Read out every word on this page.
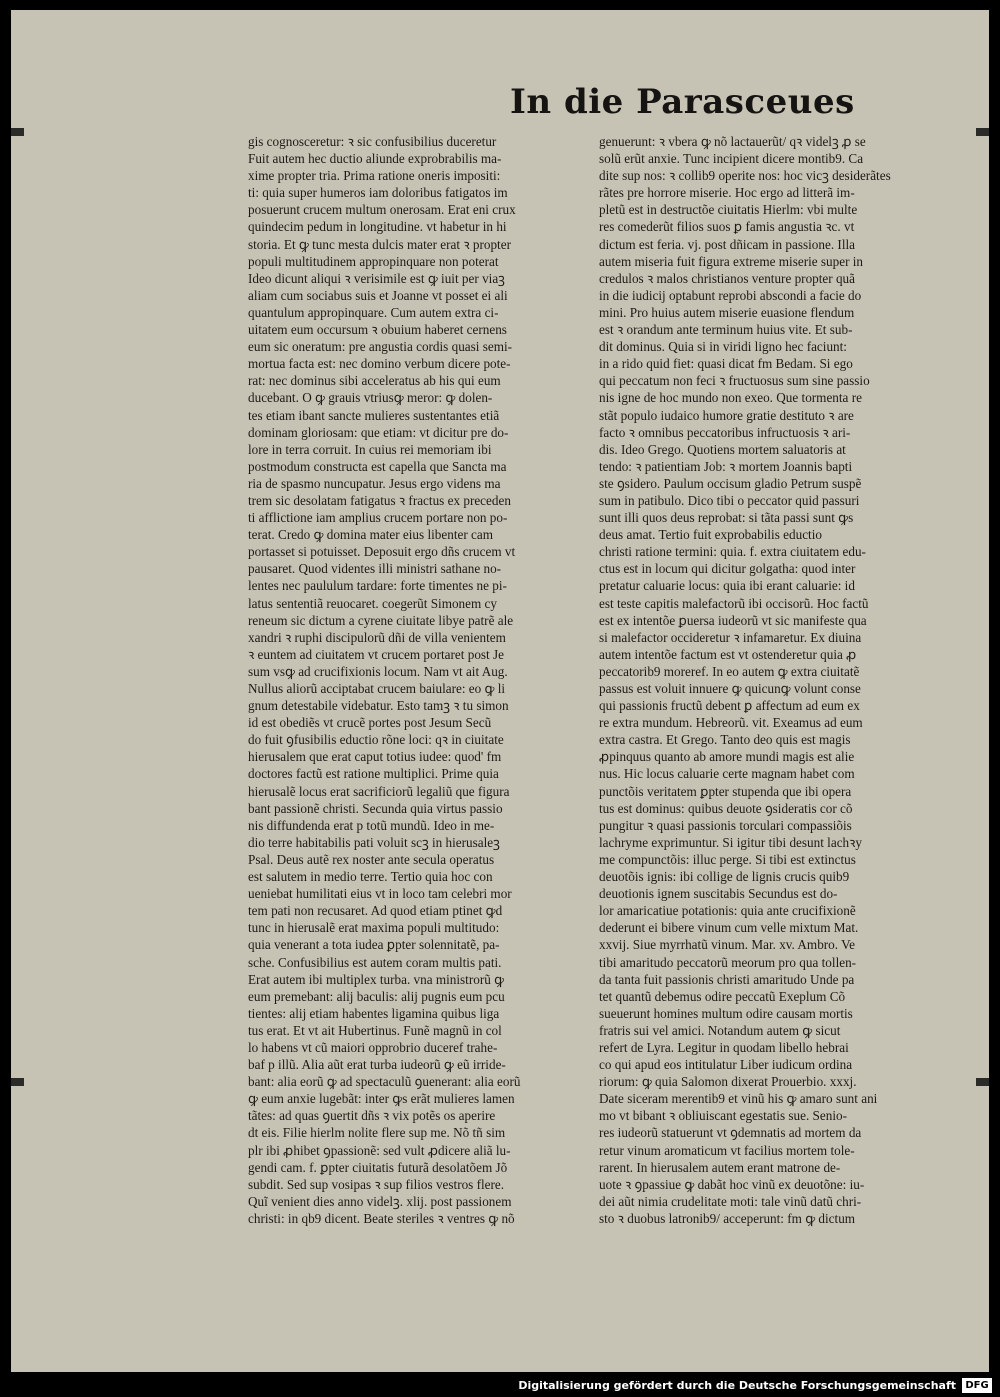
In die Parasceues
gis cognosceretur: ꝛ sic confusibilius duceretur
Fuit autem hec ductio aliunde exprobrabilis ma-
xime propter tria. Prima ratione oneris impositi:
ti: quia super humeros iam doloribus fatigatos im
posuerunt crucem multum onerosam. Erat eni crux
quindecim pedum in longitudine. vt habetur in hi
storia. Et ꝙ tunc mesta dulcis mater erat ꝛ propter
populi multitudinem appropinquare non poterat
Ideo dicunt aliqui ꝛ verisimile est ꝙ iuit per viaꝫ
aliam cum sociabus suis et Joanne vt posset ei ali
quantulum appropinquare. Cum autem extra ci-
uitatem eum occursum ꝛ obuium haberet cernens
eum sic oneratum: pre angustia cordis quasi semi-
mortua facta est: nec domino verbum dicere pote-
rat: nec dominus sibi acceleratus ab his qui eum
ducebant. O ꝙ grauis vtriusꝙ meror: ꝙ dolen-
tes etiam ibant sancte mulieres sustentantes etiã
dominam gloriosam: que etiam: vt dicitur pre do-
lore in terra corruit. In cuius rei memoriam ibi
postmodum constructa est capella que Sancta ma
ria de spasmo nuncupatur. Jesus ergo videns ma
trem sic desolatam fatigatus ꝛ fractus ex preceden
ti afflictione iam amplius crucem portare non po-
terat. Credo ꝙ domina mater eius libenter cam
portasset si potuisset. Deposuit ergo dñs crucem vt
pausaret. Quod videntes illi ministri sathane no-
lentes nec paululum tardare: forte timentes ne pi-
latus sententiã reuocaret. coegerũt Simonem cy
reneum sic dictum a cyrene ciuitate libye patrẽ ale
xandri ꝛ ruphi discipulorũ dñi de villa venientem
ꝛ euntem ad ciuitatem vt crucem portaret post Je
sum vsꝙ ad crucifixionis locum. Nam vt ait Aug.
Nullus aliorũ acciptabat crucem baiulare: eo ꝙ li
gnum detestabile videbatur. Esto tamꝫ ꝛ tu simon
id est obediẽs vt crucẽ portes post Jesum Secũ
do fuit ꝯfusibilis eductio rõne loci: qꝛ in ciuitate
hierusalem que erat caput totius iudee: quod' fm
doctores factũ est ratione multiplici. Prime quia
hierusalẽ locus erat sacrificiorũ legaliũ que figura
bant passionẽ christi. Secunda quia virtus passio
nis diffundenda erat p totũ mundũ. Ideo in me-
dio terre habitabilis pati voluit scꝫ in hierusaleꝫ
Psal. Deus autẽ rex noster ante secula operatus
est salutem in medio terre. Tertio quia hoc con
ueniebat humilitati eius vt in loco tam celebri mor
tem pati non recusaret. Ad quod etiam ptinet ꝙd
tunc in hierusalẽ erat maxima populi multitudo:
quia venerant a tota iudea ꝑpter solennitatẽ, pa-
sche. Confusibilius est autem coram multis pati.
Erat autem ibi multiplex turba. vna ministrorũ ꝙ
eum premebant: alij baculis: alij pugnis eum pcu
tientes: alij etiam habentes ligamina quibus liga
tus erat. Et vt ait Hubertinus. Funẽ magnũ in col
lo habens vt cũ maiori opprobrio duceref trahe-
baf p illũ. Alia aũt erat turba iudeorũ ꝙ eũ irride-
bant: alia eorũ ꝙ ad spectaculũ ꝯuenerant: alia eorũ
ꝙ eum anxie lugebãt: inter ꝙs erãt mulieres lamen
tãtes: ad quas ꝯuertit dñs ꝛ vix potẽs os aperire
dt eis. Filie hierlm nolite flere sup me. Nõ tñ sim
plr ibi ꝓhibet ꝯpassionẽ: sed vult ꝓdicere aliã lu-
gendi cam. f. ꝑpter ciuitatis futurã desolatõem Jõ
subdit. Sed sup vosipas ꝛ sup filios vestros flere.
Quĩ venient dies anno videlꝫ. xlij. post passionem
christi: in qb9 dicent. Beate steriles ꝛ ventres ꝙ nõ
genuerunt: ꝛ vbera ꝙ nõ lactauerũt/ qꝛ videlꝫ ꝓ se
solũ erũt anxie. Tunc incipient dicere montib9. Ca
dite sup nos: ꝛ collib9 operite nos: hoc vicꝫ desiderãtes
rãtes pre horrore miserie. Hoc ergo ad litterã im-
pletũ est in destructõe ciuitatis Hierlm: vbi multe
res comederũt filios suos ꝑ famis angustia ꝛc. vt
dictum est feria. vj. post dñicam in passione. Illa
autem miseria fuit figura extreme miserie super in
credulos ꝛ malos christianos venture propter quã
in die iudicij optabunt reprobi abscondi a facie do
mini. Pro huius autem miserie euasione flendum
est ꝛ orandum ante terminum huius vite. Et sub-
dit dominus. Quia si in viridi ligno hec faciunt:
in a rido quid fiet: quasi dicat fm Bedam. Si ego
qui peccatum non feci ꝛ fructuosus sum sine passio
nis igne de hoc mundo non exeo. Que tormenta re
stãt populo iudaico humore gratie destituto ꝛ are
facto ꝛ omnibus peccatoribus infructuosis ꝛ ari-
dis. Ideo Grego. Quotiens mortem saluatoris at
tendo: ꝛ patientiam Job: ꝛ mortem Joannis bapti
ste ꝯsidero. Paulum occisum gladio Petrum suspẽ
sum in patibulo. Dico tibi o peccator quid passuri
sunt illi quos deus reprobat: si tãta passi sunt ꝙs
deus amat. Tertio fuit exprobabilis eductio
christi ratione termini: quia. f. extra ciuitatem edu-
ctus est in locum qui dicitur golgatha: quod inter
pretatur caluarie locus: quia ibi erant caluarie: id
est teste capitis malefactorũ ibi occisorũ. Hoc factũ
est ex intentõe ꝑuersa iudeorũ vt sic manifeste qua
si malefactor occideretur ꝛ infamaretur. Ex diuina
autem intentõe factum est vt ostenderetur quia ꝓ
peccatorib9 moreref. In eo autem ꝙ extra ciuitatẽ
passus est voluit innuere ꝙ quicunꝙ volunt conse
qui passionis fructũ debent ꝑ affectum ad eum ex
re extra mundum. Hebreorũ. vit. Exeamus ad eum
extra castra. Et Grego. Tanto deo quis est magis
ꝓpinquus quanto ab amore mundi magis est alie
nus. Hic locus caluarie certe magnam habet com
punctõis veritatem ꝑpter stupenda que ibi opera
tus est dominus: quibus deuote ꝯsideratis cor cõ
pungitur ꝛ quasi passionis torculari compassiõis
lachryme exprimuntur. Si igitur tibi desunt lachꝛy
me compunctõis: illuc perge. Si tibi est extinctus
deuotõis ignis: ibi collige de lignis crucis quib9
deuotionis ignem suscitabis Secundus est do-
lor amaricatiue potationis: quia ante crucifixionẽ
dederunt ei bibere vinum cum velle mixtum Mat.
xxvij. Siue myrrhatũ vinum. Mar. xv. Ambro. Ve
tibi amaritudo peccatorũ meorum pro qua tollen-
da tanta fuit passionis christi amaritudo Unde pa
tet quantũ debemus odire peccatũ Exeplum Cõ
sueuerunt homines multum odire causam mortis
fratris sui vel amici. Notandum autem ꝙ sicut
refert de Lyra. Legitur in quodam libello hebrai
co qui apud eos intitulatur Liber iudicum ordina
riorum: ꝙ quia Salomon dixerat Prouerbio. xxxj.
Date siceram merentib9 et vinũ his ꝙ amaro sunt ani
mo vt bibant ꝛ obliuiscant egestatis sue. Senio-
res iudeorũ statuerunt vt ꝯdemnatis ad mortem da
retur vinum aromaticum vt facilius mortem tole-
rarent. In hierusalem autem erant matrone de-
uote ꝛ ꝯpassiue ꝙ dabãt hoc vinũ ex deuotõne: iu-
dei aũt nimia crudelitate moti: tale vinũ datũ chri-
sto ꝛ duobus latronib9/ acceperunt: fm ꝙ dictum
Digitalisierung gefördert durch die Deutsche Forschungsgemeinschaft DFG
